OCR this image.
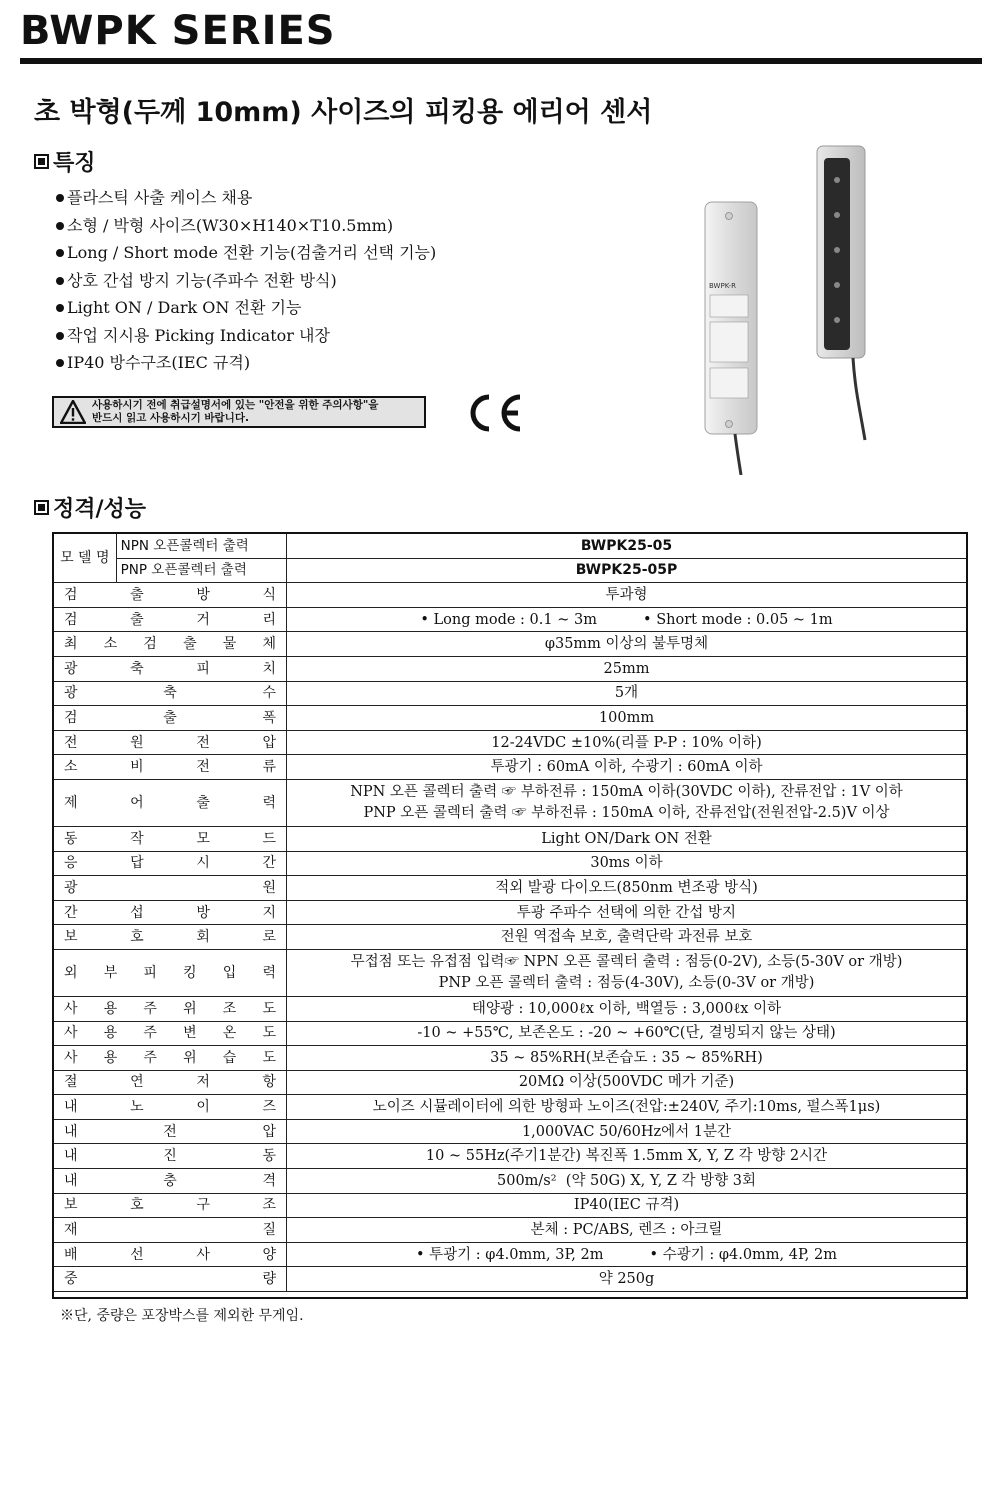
BWPK SERIES
초 박형(두께 10mm) 사이즈의 피킹용 에리어 센서
특징
플라스틱 사출 케이스 채용
소형 / 박형 사이즈(W30×H140×T10.5mm)
Long / Short mode 전환 기능(검출거리 선택 기능)
상호 간섭 방지 기능(주파수 전환 방식)
Light ON / Dark ON 전환 기능
작업 지시용 Picking Indicator 내장
IP40 방수구조(IEC 규격)
사용하시기 전에 취급설명서에 있는 "안전을 위한 주의사항"을
반드시 읽고 사용하시기 바랍니다.
BWPK-R
정격/성능
모 델 명	NPN 오픈콜렉터 출력	BWPK25-05
	PNP 오픈콜렉터 출력	BWPK25-05P
검 출 방 식		투과형

검 출 거 리		• Long mode : 0.1 ~ 3m          • Short mode : 0.05 ~ 1m

최 소 검 출 물 체		φ35mm 이상의 불투명체

광 축 피 치		25mm

광 축 수		5개

검 출 폭		100mm

전 원 전 압		12-24VDC ±10%(리플 P-P : 10% 이하)

소 비 전 류		투광기 : 60mA 이하, 수광기 : 60mA 이하

제 어 출 력		NPN 오픈 콜렉터 출력 ☞ 부하전류 : 150mA 이하(30VDC 이하), 잔류전압 : 1V 이하
PNP 오픈 콜렉터 출력 ☞ 부하전류 : 150mA 이하, 잔류전압(전원전압-2.5)V 이상

동 작 모 드		Light ON/Dark ON 전환

응 답 시 간		30ms 이하

광 원		적외 발광 다이오드(850nm 변조광 방식)

간 섭 방 지		투광 주파수 선택에 의한 간섭 방지

보 호 회 로		전원 역접속 보호, 출력단락 과전류 보호

외 부 피 킹 입 력		무접점 또는 유접점 입력☞ NPN 오픈 콜렉터 출력 : 점등(0-2V), 소등(5-30V or 개방)
PNP 오픈 콜렉터 출력 : 점등(4-30V), 소등(0-3V or 개방)

사 용 주 위 조 도		태양광 : 10,000ℓx 이하, 백열등 : 3,000ℓx 이하

사 용 주 변 온 도		-10 ~ +55℃, 보존온도 : -20 ~ +60℃(단, 결빙되지 않는 상태)

사 용 주 위 습 도		35 ~ 85%RH(보존습도 : 35 ~ 85%RH)

절 연 저 항		20MΩ 이상(500VDC 메가 기준)

내 노 이 즈		노이즈 시뮬레이터에 의한 방형파 노이즈(전압:±240V, 주기:10ms, 펄스폭1μs)

내 전 압		1,000VAC 50/60Hz에서 1분간

내 진 동		10 ~ 55Hz(주기1분간) 복진폭 1.5mm X, Y, Z 각 방향 2시간

내 충 격		500m/s²  (약 50G) X, Y, Z 각 방향 3회

보 호 구 조		IP40(IEC 규격)

재 질		본체 : PC/ABS, 렌즈 : 아크릴

배 선 사 양		• 투광기 : φ4.0mm, 3P, 2m          • 수광기 : φ4.0mm, 4P, 2m

중 량		약 250g

※단, 중량은 포장박스를 제외한 무게임.
